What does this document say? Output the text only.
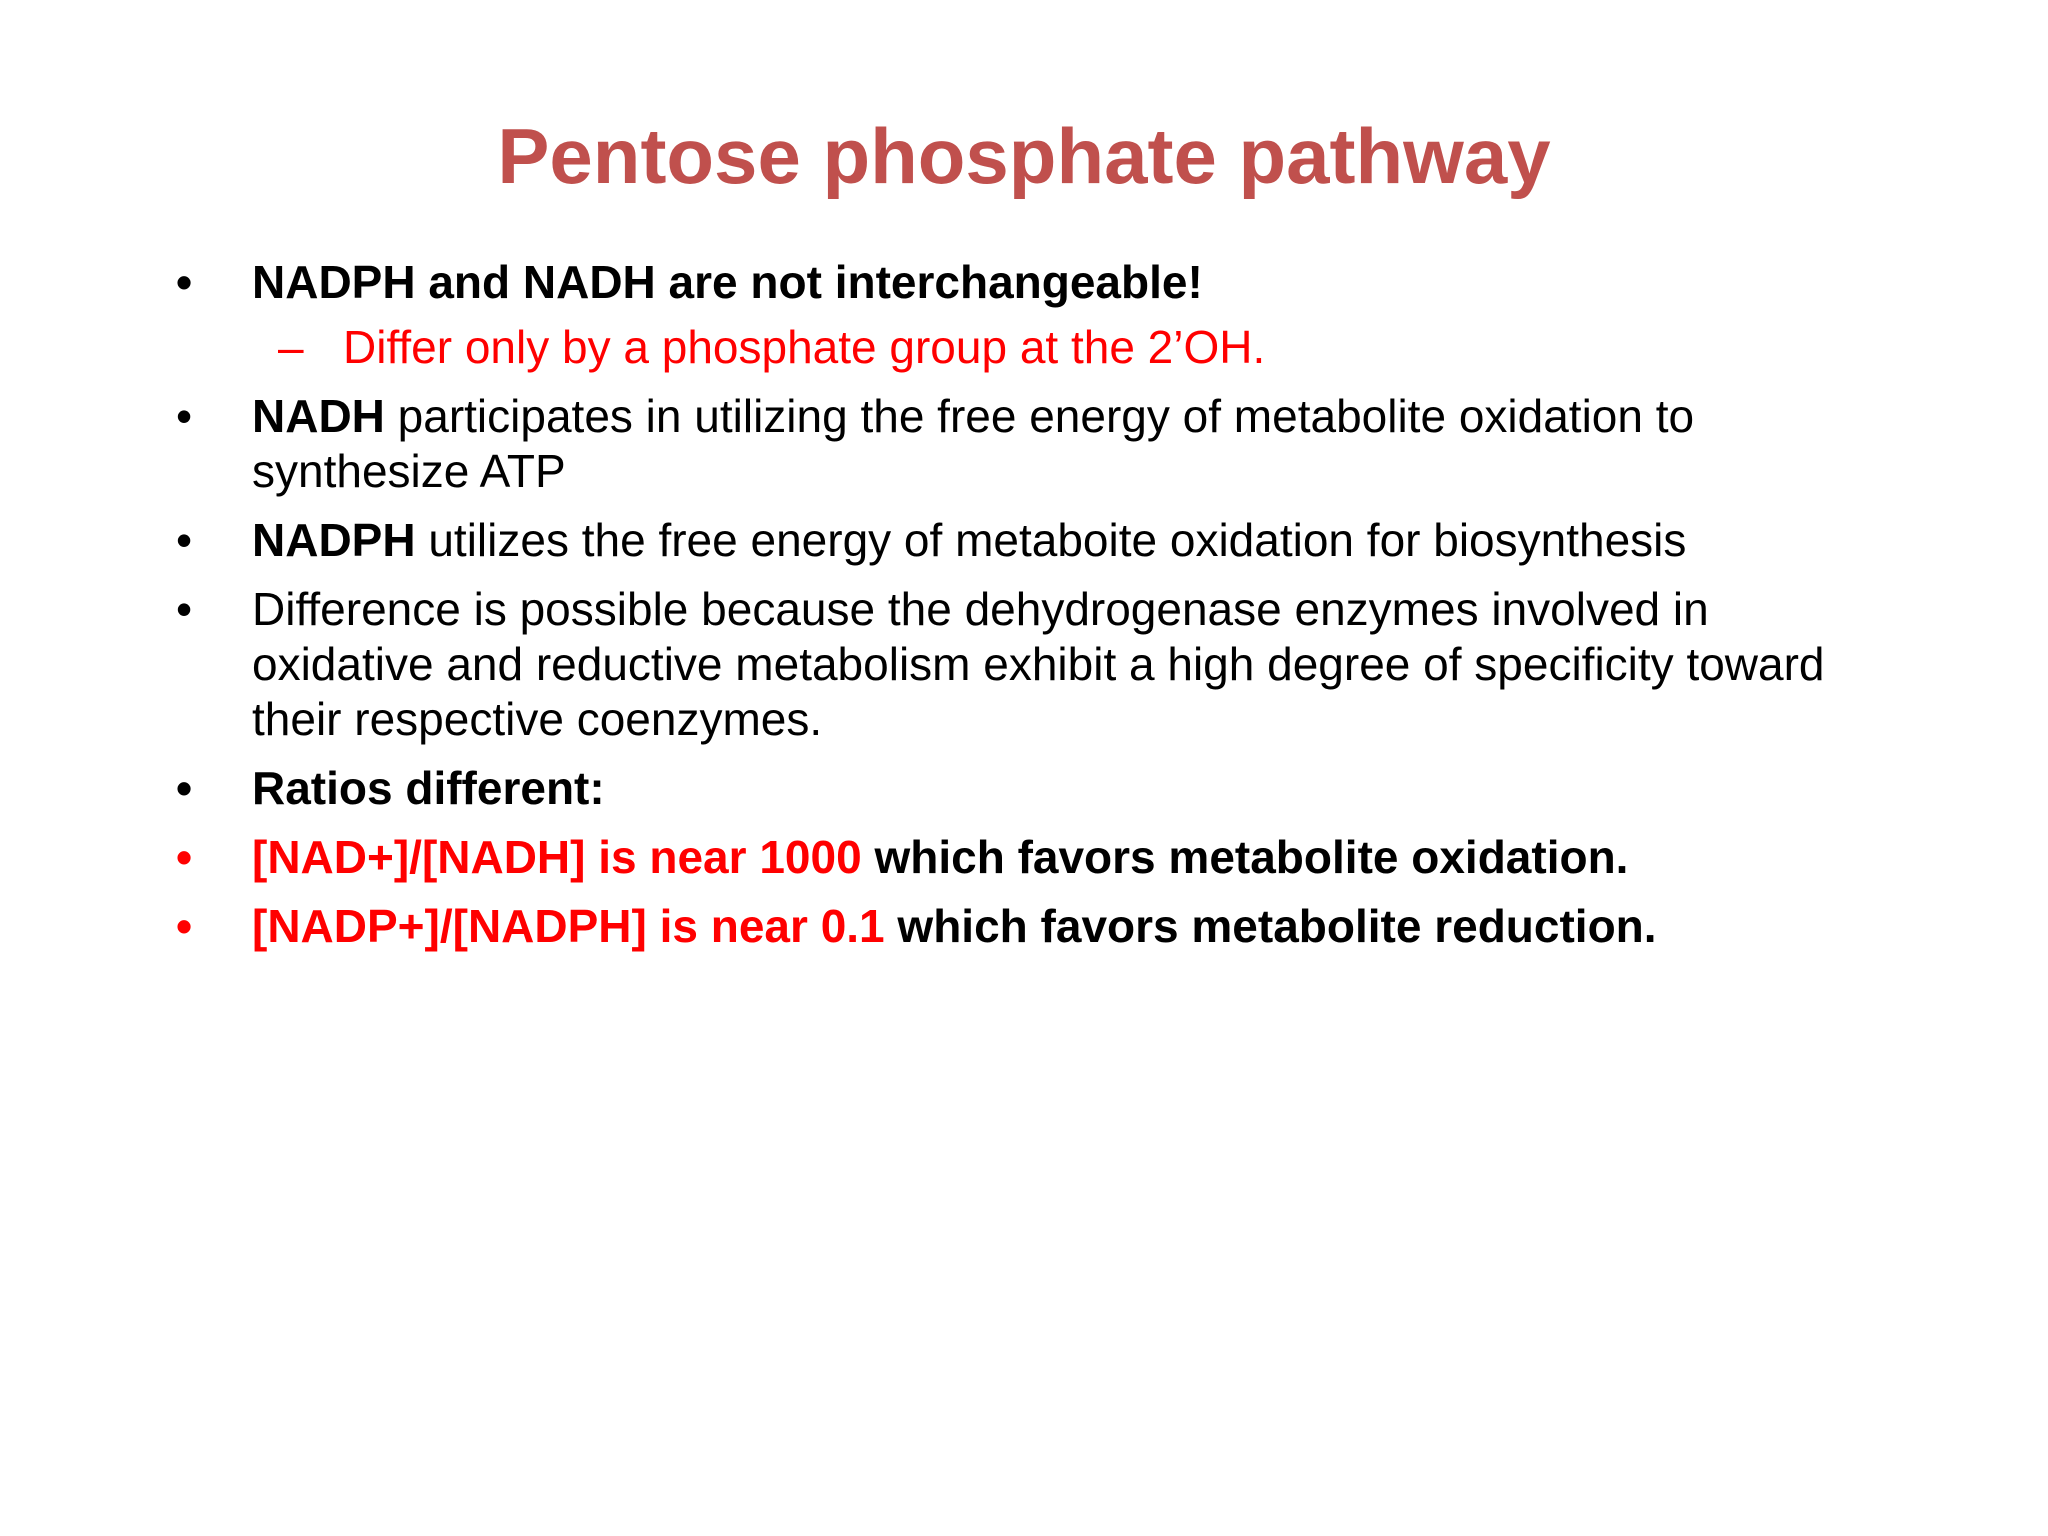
Pentose phosphate pathway
•	NADPH and NADH are not interchangeable!
– Differ only by a phosphate group at the 2’OH.
•	NADH participates in utilizing the free energy of metabolite oxidation to synthesize ATP
•	NADPH utilizes the free energy of metaboite oxidation for biosynthesis
•	Difference is possible because the dehydrogenase enzymes involved in oxidative and reductive metabolism exhibit a high degree of specificity toward their respective coenzymes.
•	Ratios different:
•	[NAD+]/[NADH] is near 1000 which favors metabolite oxidation.
•	[NADP+]/[NADPH] is near 0.1 which favors metabolite reduction.
